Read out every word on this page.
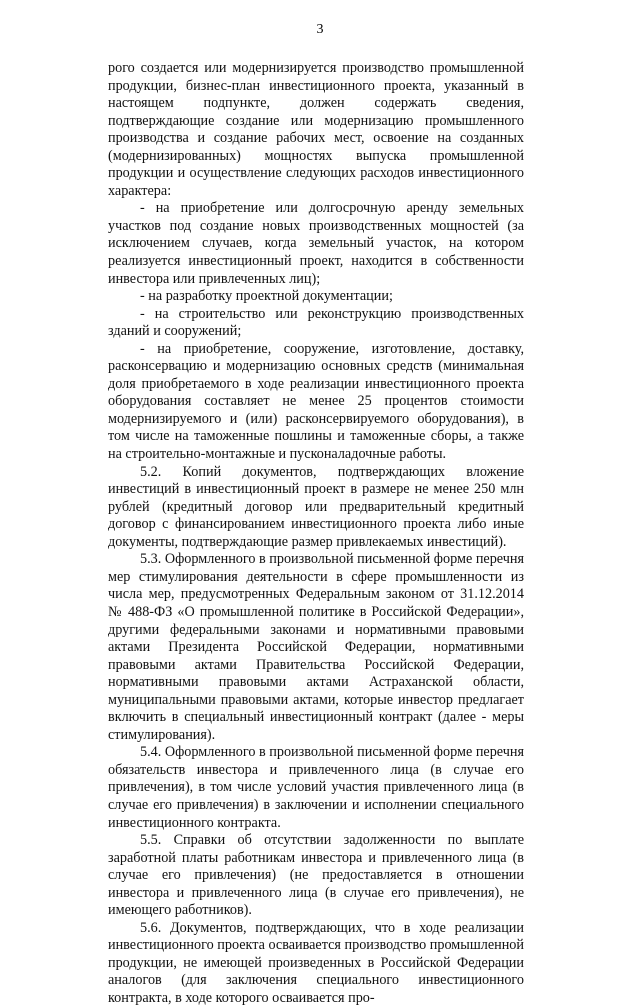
3

рого создается или модернизируется производство промышленной продукции, бизнес-план инвестиционного проекта, указанный в настоящем подпункте, должен содержать сведения, подтверждающие создание или модернизацию промышленного производства и создание рабочих мест, освоение на созданных (модернизированных) мощностях выпуска промышленной продукции и осуществление следующих расходов инвестиционного характера:

- на приобретение или долгосрочную аренду земельных участков под создание новых производственных мощностей (за исключением случаев, когда земельный участок, на котором реализуется инвестиционный проект, находится в собственности инвестора или привлеченных лиц);

- на разработку проектной документации;

- на строительство или реконструкцию производственных зданий и сооружений;

- на приобретение, сооружение, изготовление, доставку, расконсервацию и модернизацию основных средств (минимальная доля приобретаемого в ходе реализации инвестиционного проекта оборудования составляет не менее 25 процентов стоимости модернизируемого и (или) расконсервируемого оборудования), в том числе на таможенные пошлины и таможенные сборы, а также на строительно-монтажные и пусконаладочные работы.

5.2. Копий документов, подтверждающих вложение инвестиций в инвестиционный проект в размере не менее 250 млн рублей (кредитный договор или предварительный кредитный договор с финансированием инвестиционного проекта либо иные документы, подтверждающие размер привлекаемых инвестиций).

5.3. Оформленного в произвольной письменной форме перечня мер стимулирования деятельности в сфере промышленности из числа мер, предусмотренных Федеральным законом от 31.12.2014 № 488-ФЗ «О промышленной политике в Российской Федерации», другими федеральными законами и нормативными правовыми актами Президента Российской Федерации, нормативными правовыми актами Правительства Российской Федерации, нормативными правовыми актами Астраханской области, муниципальными правовыми актами, которые инвестор предлагает включить в специальный инвестиционный контракт (далее - меры стимулирования).

5.4. Оформленного в произвольной письменной форме перечня обязательств инвестора и привлеченного лица (в случае его привлечения), в том числе условий участия привлеченного лица (в случае его привлечения) в заключении и исполнении специального инвестиционного контракта.

5.5. Справки об отсутствии задолженности по выплате заработной платы работникам инвестора и привлеченного лица (в случае его привлечения) (не предоставляется в отношении инвестора и привлеченного лица (в случае его привлечения), не имеющего работников).

5.6. Документов, подтверждающих, что в ходе реализации инвестиционного проекта осваивается производство промышленной продукции, не имеющей произведенных в Российской Федерации аналогов (для заключения специального инвестиционного контракта, в ходе которого осваивается про-
